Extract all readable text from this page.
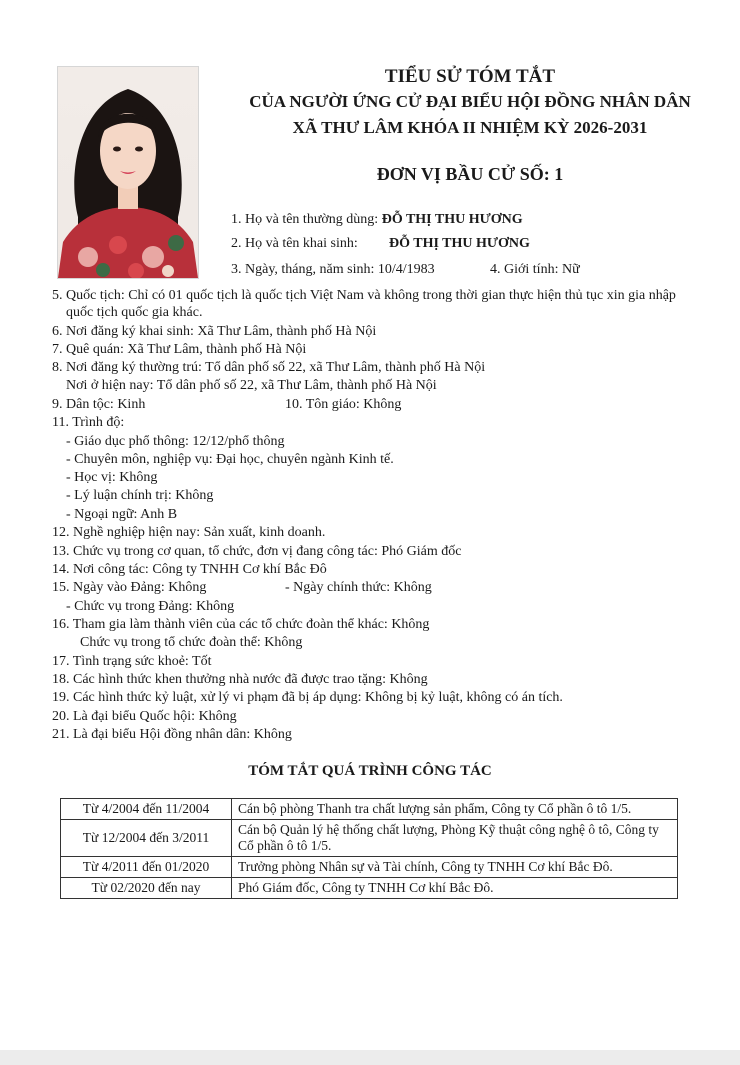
TIỂU SỬ TÓM TẮT
CỦA NGƯỜI ỨNG CỬ ĐẠI BIỂU HỘI ĐỒNG NHÂN DÂN
XÃ THƯ LÂM KHÓA II NHIỆM KỲ 2026-2031
ĐƠN VỊ BẦU CỬ SỐ: 1
1. Họ và tên thường dùng: ĐỖ THỊ THU HƯƠNG
2. Họ và tên khai sinh: ĐỖ THỊ THU HƯƠNG
3. Ngày, tháng, năm sinh: 10/4/1983	4. Giới tính: Nữ
5. Quốc tịch: Chỉ có 01 quốc tịch là quốc tịch Việt Nam và không trong thời gian thực hiện thủ tục xin gia nhập
quốc tịch quốc gia khác.
6. Nơi đăng ký khai sinh: Xã Thư Lâm, thành phố Hà Nội
7. Quê quán: Xã Thư Lâm, thành phố Hà Nội
8. Nơi đăng ký thường trú: Tổ dân phố số 22, xã Thư Lâm, thành phố Hà Nội
Nơi ở hiện nay: Tổ dân phố số 22, xã Thư Lâm, thành phố Hà Nội
9. Dân tộc: Kinh	10. Tôn giáo: Không
11. Trình độ:
- Giáo dục phổ thông: 12/12/phổ thông
- Chuyên môn, nghiệp vụ: Đại học, chuyên ngành Kinh tế.
- Học vị: Không
- Lý luận chính trị: Không
- Ngoại ngữ: Anh B
12. Nghề nghiệp hiện nay: Sản xuất, kinh doanh.
13. Chức vụ trong cơ quan, tổ chức, đơn vị đang công tác: Phó Giám đốc
14. Nơi công tác: Công ty TNHH Cơ khí Bắc Đô
15. Ngày vào Đảng: Không	- Ngày chính thức: Không
- Chức vụ trong Đảng: Không
16. Tham gia làm thành viên của các tổ chức đoàn thể khác: Không
Chức vụ trong tổ chức đoàn thể: Không
17. Tình trạng sức khoẻ: Tốt
18. Các hình thức khen thưởng nhà nước đã được trao tặng: Không
19. Các hình thức kỷ luật, xử lý vi phạm đã bị áp dụng: Không bị kỷ luật, không có án tích.
20. Là đại biểu Quốc hội: Không
21. Là đại biểu Hội đồng nhân dân: Không
TÓM TẮT QUÁ TRÌNH CÔNG TÁC
Từ 4/2004 đến 11/2004	Cán bộ phòng Thanh tra chất lượng sản phẩm, Công ty Cổ phần ô tô 1/5.
Từ 12/2004 đến 3/2011	Cán bộ Quản lý hệ thống chất lượng, Phòng Kỹ thuật công nghệ ô tô, Công ty Cổ phần ô tô 1/5.
Từ 4/2011 đến 01/2020	Trưởng phòng Nhân sự và Tài chính, Công ty TNHH Cơ khí Bắc Đô.
Từ 02/2020 đến nay	Phó Giám đốc, Công ty TNHH Cơ khí Bắc Đô.
